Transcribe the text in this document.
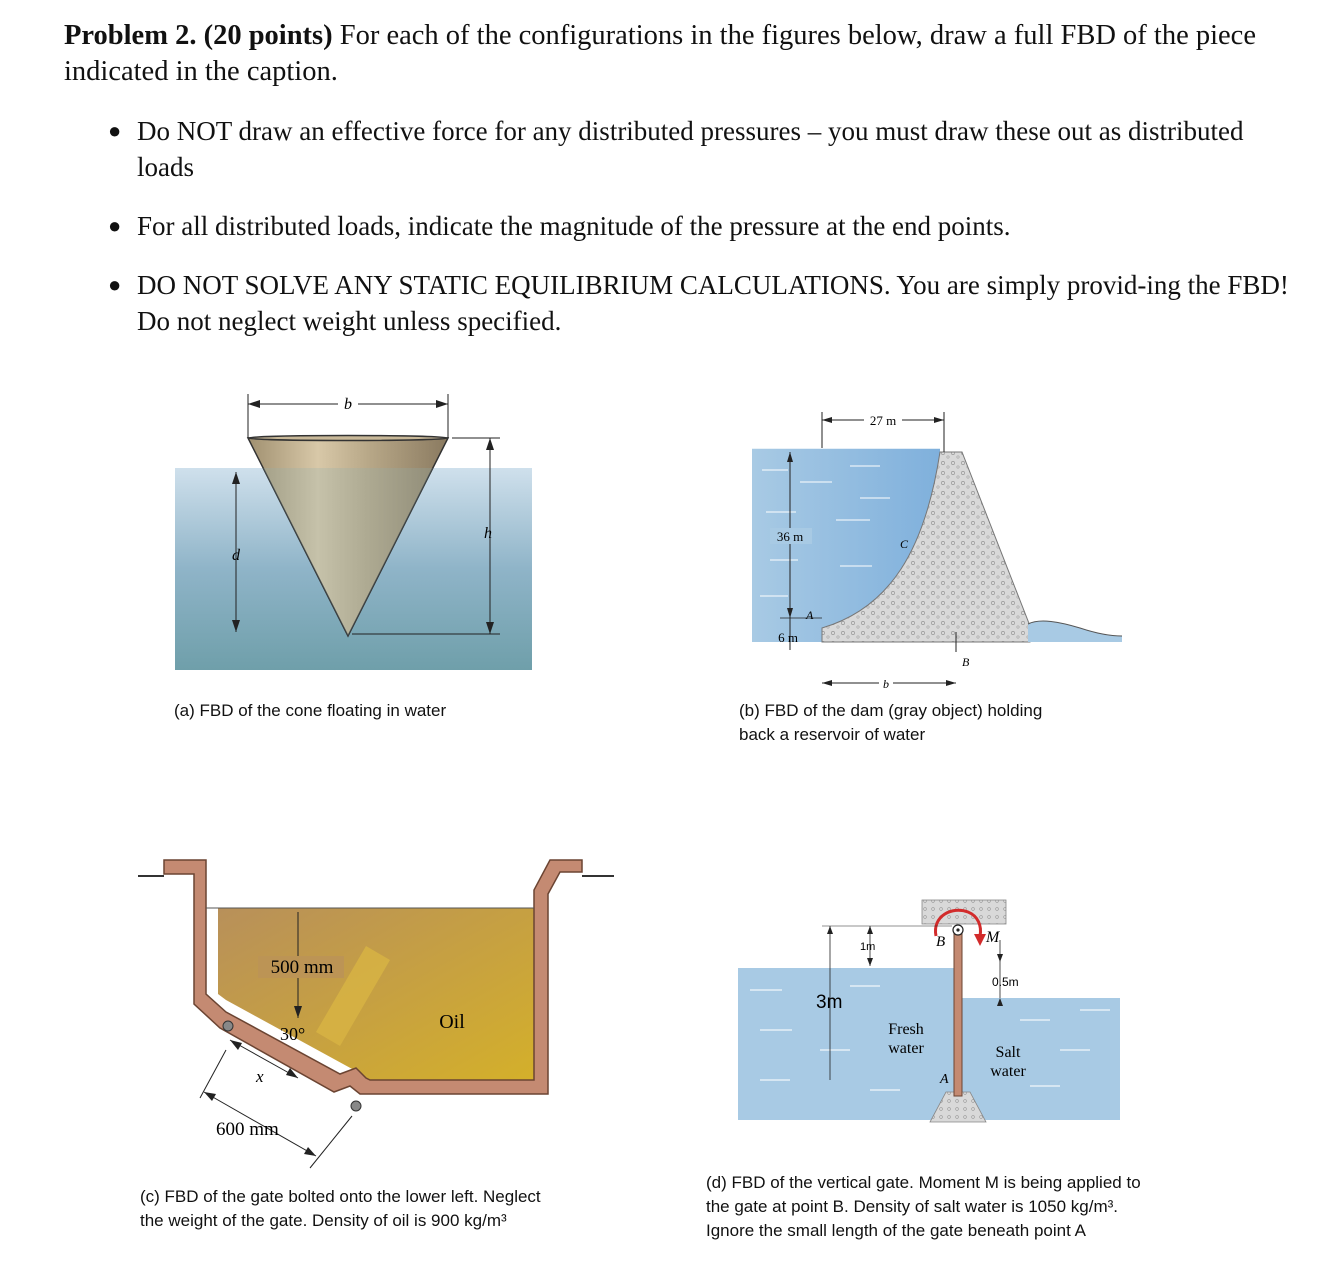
Problem 2. (20 points) For each of the configurations in the figures below, draw a full FBD of the piece indicated in the caption.
● Do NOT draw an effective force for any distributed pressures – you must draw these out as distributed loads
● For all distributed loads, indicate the magnitude of the pressure at the end points.
● DO NOT SOLVE ANY STATIC EQUILIBRIUM CALCULATIONS. You are simply provid-ing the FBD! Do not neglect weight unless specified.
b
d
h
(a) FBD of the cone floating in water
27 m
36 m
6 m
C
A
B
b
(b) FBD of the dam (gray object) holding
back a reservoir of water
500 mm
30°
Oil
x
600 mm
(c) FBD of the gate bolted onto the lower left. Neglect
the weight of the gate. Density of oil is 900 kg/m³
B	M
3m
1m
0.5m
Fresh
water	Salt
water
A
(d) FBD of the vertical gate. Moment M is being applied to
the gate at point B. Density of salt water is 1050 kg/m³.
Ignore the small length of the gate beneath point A
